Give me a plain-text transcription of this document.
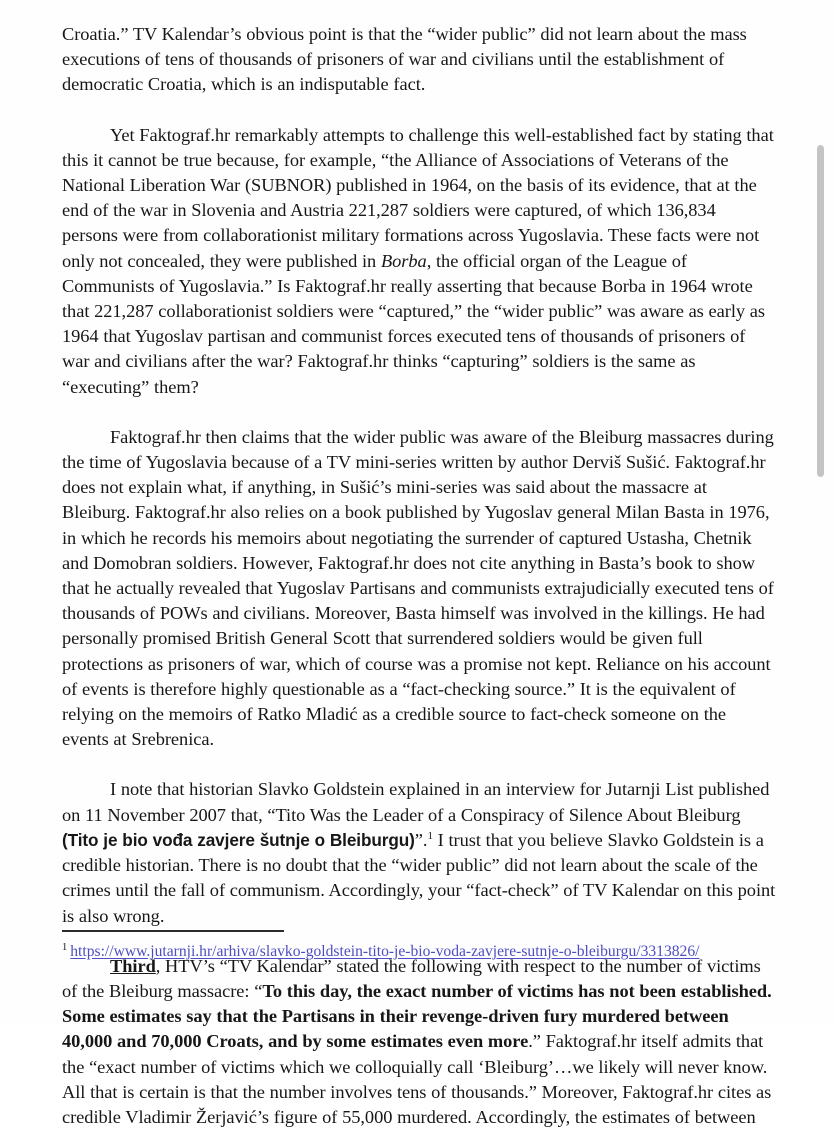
Croatia.” TV Kalendar’s obvious point is that the “wider public” did not learn about the mass executions of tens of thousands of prisoners of war and civilians until the establishment of democratic Croatia, which is an indisputable fact.

Yet Faktograf.hr remarkably attempts to challenge this well-established fact by stating that this it cannot be true because, for example, “the Alliance of Associations of Veterans of the National Liberation War (SUBNOR) published in 1964, on the basis of its evidence, that at the end of the war in Slovenia and Austria 221,287 soldiers were captured, of which 136,834 persons were from collaborationist military formations across Yugoslavia. These facts were not only not concealed, they were published in Borba, the official organ of the League of Communists of Yugoslavia.” Is Faktograf.hr really asserting that because Borba in 1964 wrote that 221,287 collaborationist soldiers were “captured,” the “wider public” was aware as early as 1964 that Yugoslav partisan and communist forces executed tens of thousands of prisoners of war and civilians after the war? Faktograf.hr thinks “capturing” soldiers is the same as “executing” them?

Faktograf.hr then claims that the wider public was aware of the Bleiburg massacres during the time of Yugoslavia because of a TV mini-series written by author Derviš Sušić. Faktograf.hr does not explain what, if anything, in Sušić’s mini-series was said about the massacre at Bleiburg. Faktograf.hr also relies on a book published by Yugoslav general Milan Basta in 1976, in which he records his memoirs about negotiating the surrender of captured Ustasha, Chetnik and Domobran soldiers. However, Faktograf.hr does not cite anything in Basta’s book to show that he actually revealed that Yugoslav Partisans and communists extrajudicially executed tens of thousands of POWs and civilians. Moreover, Basta himself was involved in the killings. He had personally promised British General Scott that surrendered soldiers would be given full protections as prisoners of war, which of course was a promise not kept. Reliance on his account of events is therefore highly questionable as a “fact-checking source.” It is the equivalent of relying on the memoirs of Ratko Mladić as a credible source to fact-check someone on the events at Srebrenica.

I note that historian Slavko Goldstein explained in an interview for Jutarnji List published on 11 November 2007 that, “Tito Was the Leader of a Conspiracy of Silence About Bleiburg (Tito je bio vođa zavjere šutnje o Bleiburgu)”.$^1$ I trust that you believe Slavko Goldstein is a credible historian. There is no doubt that the “wider public” did not learn about the scale of the crimes until the fall of communism. Accordingly, your “fact-check” of TV Kalendar on this point is also wrong.

Third, HTV’s “TV Kalendar” stated the following with respect to the number of victims of the Bleiburg massacre: “To this day, the exact number of victims has not been established. Some estimates say that the Partisans in their revenge-driven fury murdered between 40,000 and 70,000 Croats, and by some estimates even more.” Faktograf.hr itself admits that the “exact number of victims which we colloquially call ‘Bleiburg’…we likely will never know. All that is certain is that the number involves tens of thousands.” Moreover, Faktograf.hr cites as credible Vladimir Žerjavić’s figure of 55,000 murdered. Accordingly, the estimates of between

$^1$ https://www.jutarnji.hr/arhiva/slavko-goldstein-tito-je-bio-voda-zavjere-sutnje-o-bleiburgu/3313826/
